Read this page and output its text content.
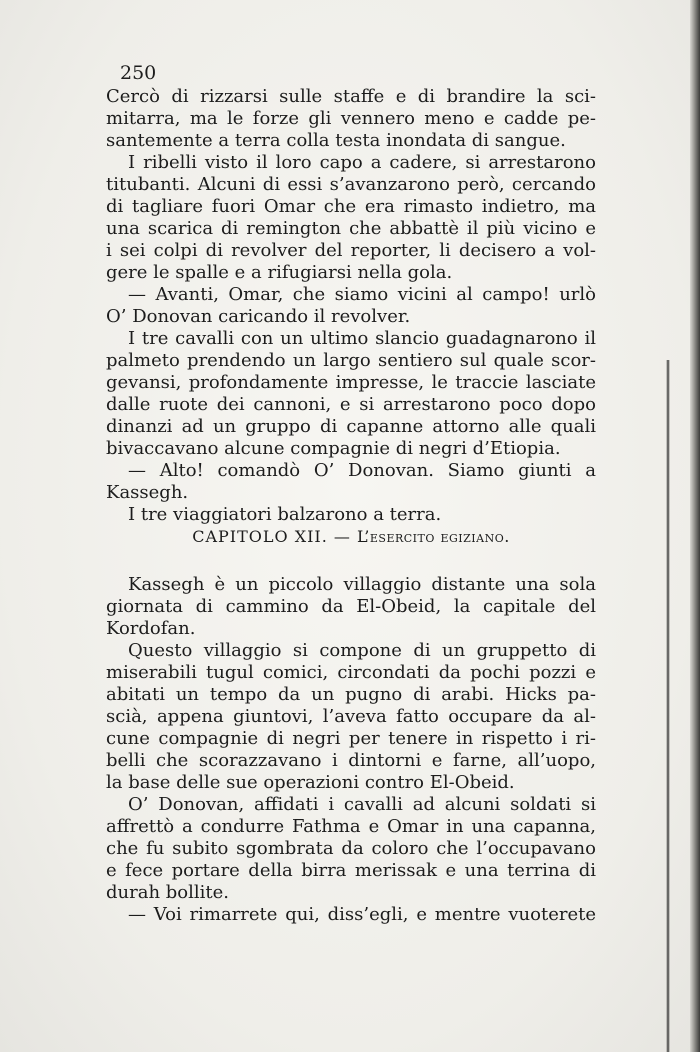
250

Cercò di rizzarsi sulle staffe e di brandire la sci-
mitarra, ma le forze gli vennero meno e cadde pe-
santemente a terra colla testa inondata di sangue.
I ribelli visto il loro capo a cadere, si arrestarono
titubanti. Alcuni di essi s’avanzarono però, cercando
di tagliare fuori Omar che era rimasto indietro, ma
una scarica di remington che abbattè il più vicino e
i sei colpi di revolver del reporter, li decisero a vol-
gere le spalle e a rifugiarsi nella gola.
— Avanti, Omar, che siamo vicini al campo! urlò
O’ Donovan caricando il revolver.
I tre cavalli con un ultimo slancio guadagnarono il
palmeto prendendo un largo sentiero sul quale scor-
gevansi, profondamente impresse, le traccie lasciate
dalle ruote dei cannoni, e si arrestarono poco dopo
dinanzi ad un gruppo di capanne attorno alle quali
bivaccavano alcune compagnie di negri d’Etiopia.
— Alto! comandò O’ Donovan. Siamo giunti a
Kassegh.
I tre viaggiatori balzarono a terra.

CAPITOLO XII. — L’esercito egiziano.

Kassegh è un piccolo villaggio distante una sola
giornata di cammino da El-Obeid, la capitale del
Kordofan.
Questo villaggio si compone di un gruppetto di
miserabili tugul comici, circondati da pochi pozzi e
abitati un tempo da un pugno di arabi. Hicks pa-
scià, appena giuntovi, l’aveva fatto occupare da al-
cune compagnie di negri per tenere in rispetto i ri-
belli che scorazzavano i dintorni e farne, all’uopo,
la base delle sue operazioni contro El-Obeid.
O’ Donovan, affidati i cavalli ad alcuni soldati si
affrettò a condurre Fathma e Omar in una capanna,
che fu subito sgombrata da coloro che l’occupavano
e fece portare della birra merissak e una terrina di
durah bollite.
— Voi rimarrete qui, diss’egli, e mentre vuoterete
